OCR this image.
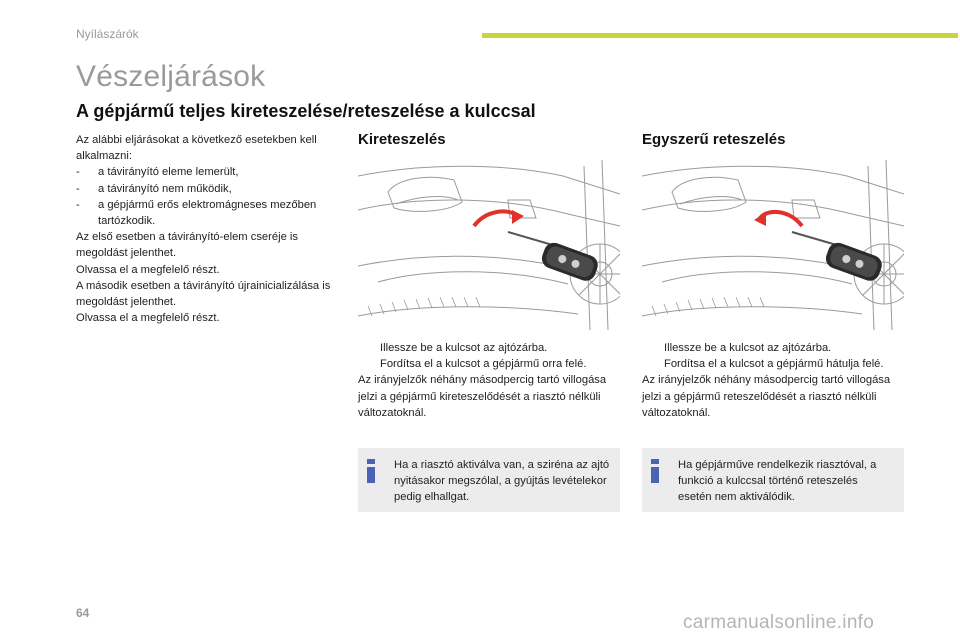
Nyílászárók
Vészeljárások
A gépjármű teljes kireteszelése/reteszelése a kulccsal

Az alábbi eljárásokat a következő esetekben kell alkalmazni:

- a távirányító eleme lemerült,

- a távirányító nem működik,

- a gépjármű erős elektromágneses mezőben tartózkodik.

Az első esetben a távirányító-elem cseréje is megoldást jelenthet.

Olvassa el a megfelelő részt.

A második esetben a távirányító újrainicializálása is megoldást jelenthet.

Olvassa el a megfelelő részt.

Kireteszelés
Illessze be a kulcsot az ajtózárba.
Fordítsa el a kulcsot a gépjármű orra felé.

Az irányjelzők néhány másodpercig tartó villogása jelzi a gépjármű kireteszelődését a riasztó nélküli változatoknál.

Ha a riasztó aktiválva van, a sziréna az ajtó nyitásakor megszólal, a gyújtás levételekor pedig elhallgat.
Egyszerű reteszelés
Illessze be a kulcsot az ajtózárba.
Fordítsa el a kulcsot a gépjármű hátulja felé.

Az irányjelzők néhány másodpercig tartó villogása jelzi a gépjármű reteszelődését a riasztó nélküli változatoknál.

Ha gépjárműve rendelkezik riasztóval, a funkció a kulccsal történő reteszelés esetén nem aktiválódik.
64	carmanualsonline.info
